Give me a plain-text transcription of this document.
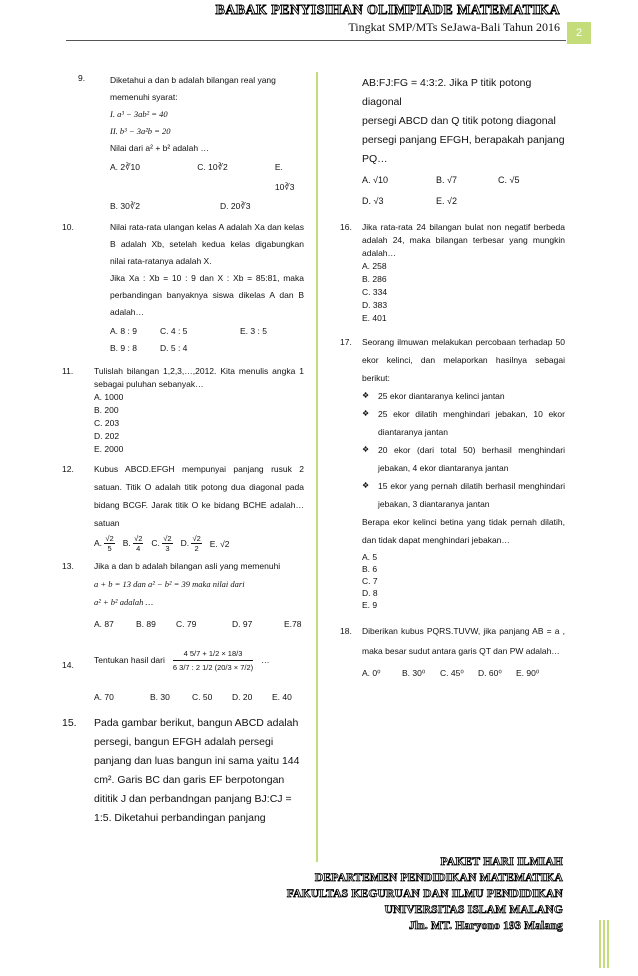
BABAK PENYISIHAN OLIMPIADE MATEMATIKA
Tingkat SMP/MTs SeJawa-Bali Tahun 2016	2
9.	Diketahui a dan b adalah bilangan real yang memenuhi syarat:

I. a³ − 3ab² = 40

II. b³ − 3a²b = 20

Nilai dari a² + b² adalah …

A. 2∛10	C. 10∛2	E. 10∛3
B. 30∛2	D. 20∛3
10.	Nilai rata-rata ulangan kelas A adalah Xa dan kelas B adalah Xb, setelah kedua kelas digabungkan nilai rata-ratanya adalah X.

Jika Xa : Xb = 10 : 9 dan X : Xb = 85:81, maka perbandingan banyaknya siswa dikelas A dan B adalah…

A. 8 : 9	C. 4 : 5	E. 3 : 5
B. 9 : 8	D. 5 : 4
11.	Tulislah bilangan 1,2,3,…,2012. Kita menulis angka 1 sebagai puluhan sebanyak…

A. 1000

B. 200

C. 203

D. 202

E. 2000

12.	Kubus ABCD.EFGH mempunyai panjang rusuk 2 satuan. Titik O adalah titik potong dua diagonal pada bidang BCGF. Jarak titik O ke bidang BCHE adalah… satuan

A. $\frac{√2}{5} B$. $\frac{√2}{4} C$. $\frac{√2}{3} D$. $\frac{√2}{2} E$. √2
13.	Jika a dan b adalah bilangan asli yang memenuhi

a + b = 13 dan a² − b² = 39 maka nilai dari

a² + b² adalah …

A. 87	B. 89	C. 79	D. 97	E.78
14.
Tentukan hasil dari $\frac{4 5/7 + 1/2 \times 18/3}{6 3/7 : 2 1/2 (20/3 \times 7/2)}$ …
A. 70	B. 30	C. 50	D. 20	E. 40
15.	Pada gambar berikut, bangun ABCD adalah

persegi, bangun EFGH adalah persegi

panjang dan luas bangun ini sama yaitu 144

cm². Garis BC dan garis EF berpotongan

dititik J dan perbandngan panjang BJ:CJ =

1:5. Diketahui perbandingan panjang

AB:FJ:FG = 4:3:2. Jika P titik potong diagonal

persegi ABCD dan Q titik potong diagonal

persegi panjang EFGH, berapakah panjang

PQ…

A. √10	B. √7	C. √5
D. √3	E. √2
16. Jika rata-rata 24 bilangan bulat non negatif berbeda adalah 24, maka bilangan terbesar yang mungkin adalah…

A. 258

B. 286

C. 334

D. 383

E. 401

17. Seorang ilmuwan melakukan percobaan terhadap 50 ekor kelinci, dan melaporkan hasilnya sebagai berikut:

❖ 25 ekor diantaranya kelinci jantan

❖ 25 ekor dilatih menghindari jebakan, 10 ekor diantaranya jantan

❖ 20 ekor (dari total 50) berhasil menghindari jebakan, 4 ekor diantaranya jantan

❖ 15 ekor yang pernah dilatih berhasil menghindari jebakan, 3 diantaranya jantan

Berapa ekor kelinci betina yang tidak pernah dilatih, dan tidak dapat menghindari jebakan…

A. 5

B. 6

C. 7

D. 8

E. 9

18. Diberikan kubus PQRS.TUVW, jika panjang AB = a , maka besar sudut antara garis QT dan PW adalah…

A. 0⁰	B. 30⁰	C. 45⁰	D. 60⁰	E. 90⁰
PAKET HARI ILMIAH
DEPARTEMEN PENDIDIKAN MATEMATIKA
FAKULTAS KEGURUAN DAN ILMU PENDIDIKAN
UNIVERSITAS ISLAM MALANG
Jln. MT. Haryono 193 Malang
